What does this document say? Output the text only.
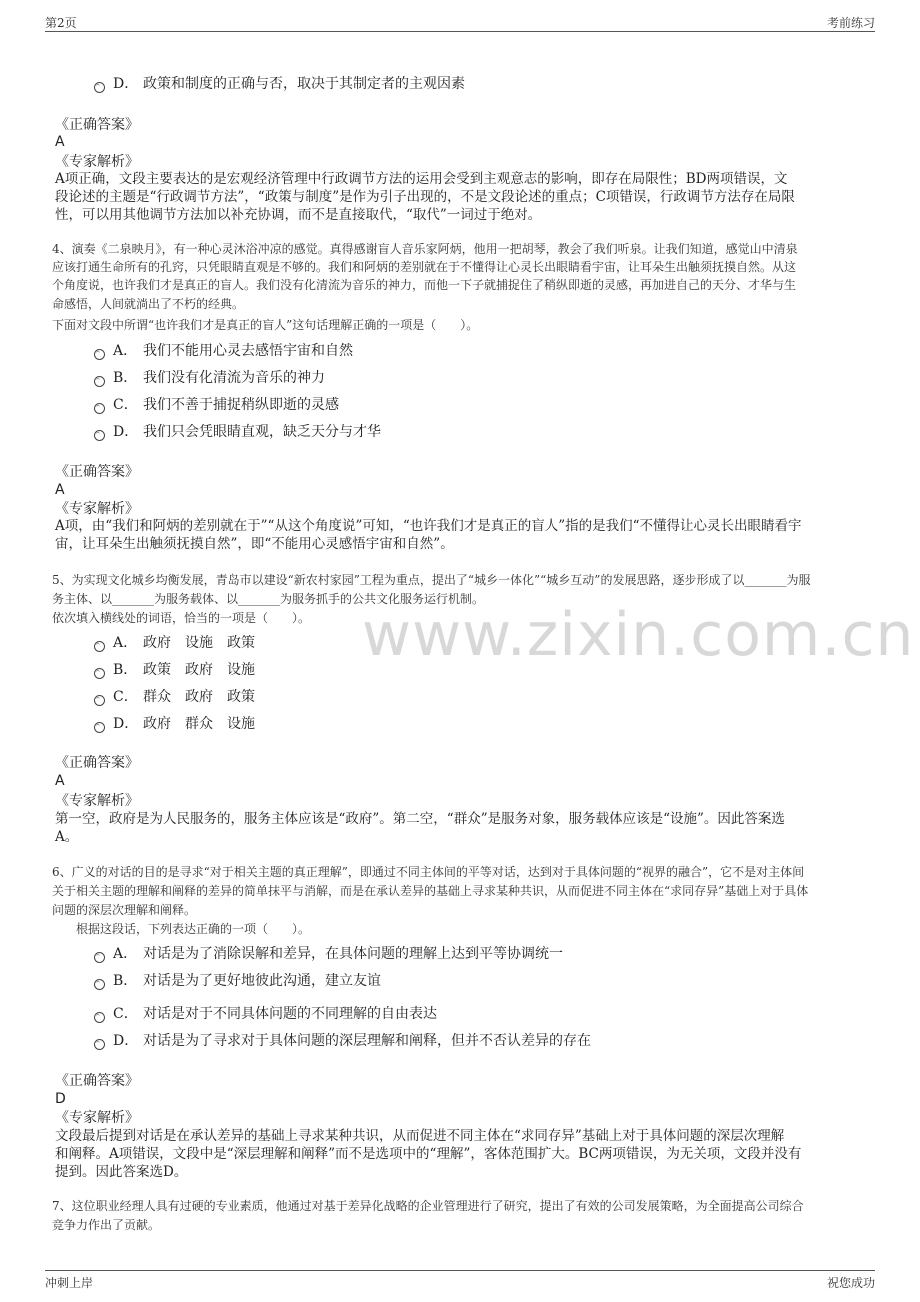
第2页	考前练习
www.zixin.com.cn
D． 政策和制度的正确与否，取决于其制定者的主观因素
《正确答案》
A
《专家解析》
A项正确，文段主要表达的是宏观经济管理中行政调节方法的运用会受到主观意志的影响，即存在局限性；BD两项错误，文
段论述的主题是“行政调节方法”，“政策与制度”是作为引子出现的，不是文段论述的重点；C项错误，行政调节方法存在局限
性，可以用其他调节方法加以补充协调，而不是直接取代，“取代”一词过于绝对。
4、演奏《二泉映月》，有一种心灵沐浴冲凉的感觉。真得感谢盲人音乐家阿炳，他用一把胡琴，教会了我们听泉。让我们知道，感觉山中清泉
应该打通生命所有的孔窍，只凭眼睛直观是不够的。我们和阿炳的差别就在于不懂得让心灵长出眼睛看宇宙，让耳朵生出触须抚摸自然。从这
个角度说，也许我们才是真正的盲人。我们没有化清流为音乐的神力，而他一下子就捕捉住了稍纵即逝的灵感，再加进自己的天分、才华与生
命感悟，人间就淌出了不朽的经典。
下面对文段中所谓“也许我们才是真正的盲人”这句话理解正确的一项是（　　）。
A． 我们不能用心灵去感悟宇宙和自然
B． 我们没有化清流为音乐的神力
C． 我们不善于捕捉稍纵即逝的灵感
D． 我们只会凭眼睛直观，缺乏天分与才华
《正确答案》
A
《专家解析》
A项，由“我们和阿炳的差别就在于”“从这个角度说”可知，“也许我们才是真正的盲人”指的是我们“不懂得让心灵长出眼睛看宇
宙，让耳朵生出触须抚摸自然”，即“不能用心灵感悟宇宙和自然”。
5、为实现文化城乡均衡发展，青岛市以建设“新农村家园”工程为重点，提出了“城乡一体化”“城乡互动”的发展思路，逐步形成了以_______为服
务主体、以_______为服务载体、以_______为服务抓手的公共文化服务运行机制。
依次填入横线处的词语，恰当的一项是（　　）。
A． 政府　设施　政策
B． 政策　政府　设施
C． 群众　政府　政策
D． 政府　群众　设施
《正确答案》
A
《专家解析》
第一空，政府是为人民服务的，服务主体应该是“政府”。第二空，“群众”是服务对象，服务载体应该是“设施”。因此答案选
A。
6、广义的对话的目的是寻求“对于相关主题的真正理解”，即通过不同主体间的平等对话，达到对于具体问题的“视界的融合”，它不是对主体间
关于相关主题的理解和阐释的差异的简单抹平与消解，而是在承认差异的基础上寻求某种共识，从而促进不同主体在“求同存异”基础上对于具体
问题的深层次理解和阐释。
　　根据这段话，下列表达正确的一项（　　）。
A． 对话是为了消除误解和差异，在具体问题的理解上达到平等协调统一
B． 对话是为了更好地彼此沟通，建立友谊
C． 对话是对于不同具体问题的不同理解的自由表达
D． 对话是为了寻求对于具体问题的深层理解和阐释，但并不否认差异的存在
《正确答案》
D
《专家解析》
文段最后提到对话是在承认差异的基础上寻求某种共识，从而促进不同主体在“求同存异”基础上对于具体问题的深层次理解
和阐释。A项错误，文段中是“深层理解和阐释”而不是选项中的“理解”，客体范围扩大。BC两项错误，为无关项，文段并没有
提到。因此答案选D。
7、这位职业经理人具有过硬的专业素质，他通过对基于差异化战略的企业管理进行了研究，提出了有效的公司发展策略，为全面提高公司综合
竞争力作出了贡献。
冲刺上岸	祝您成功
